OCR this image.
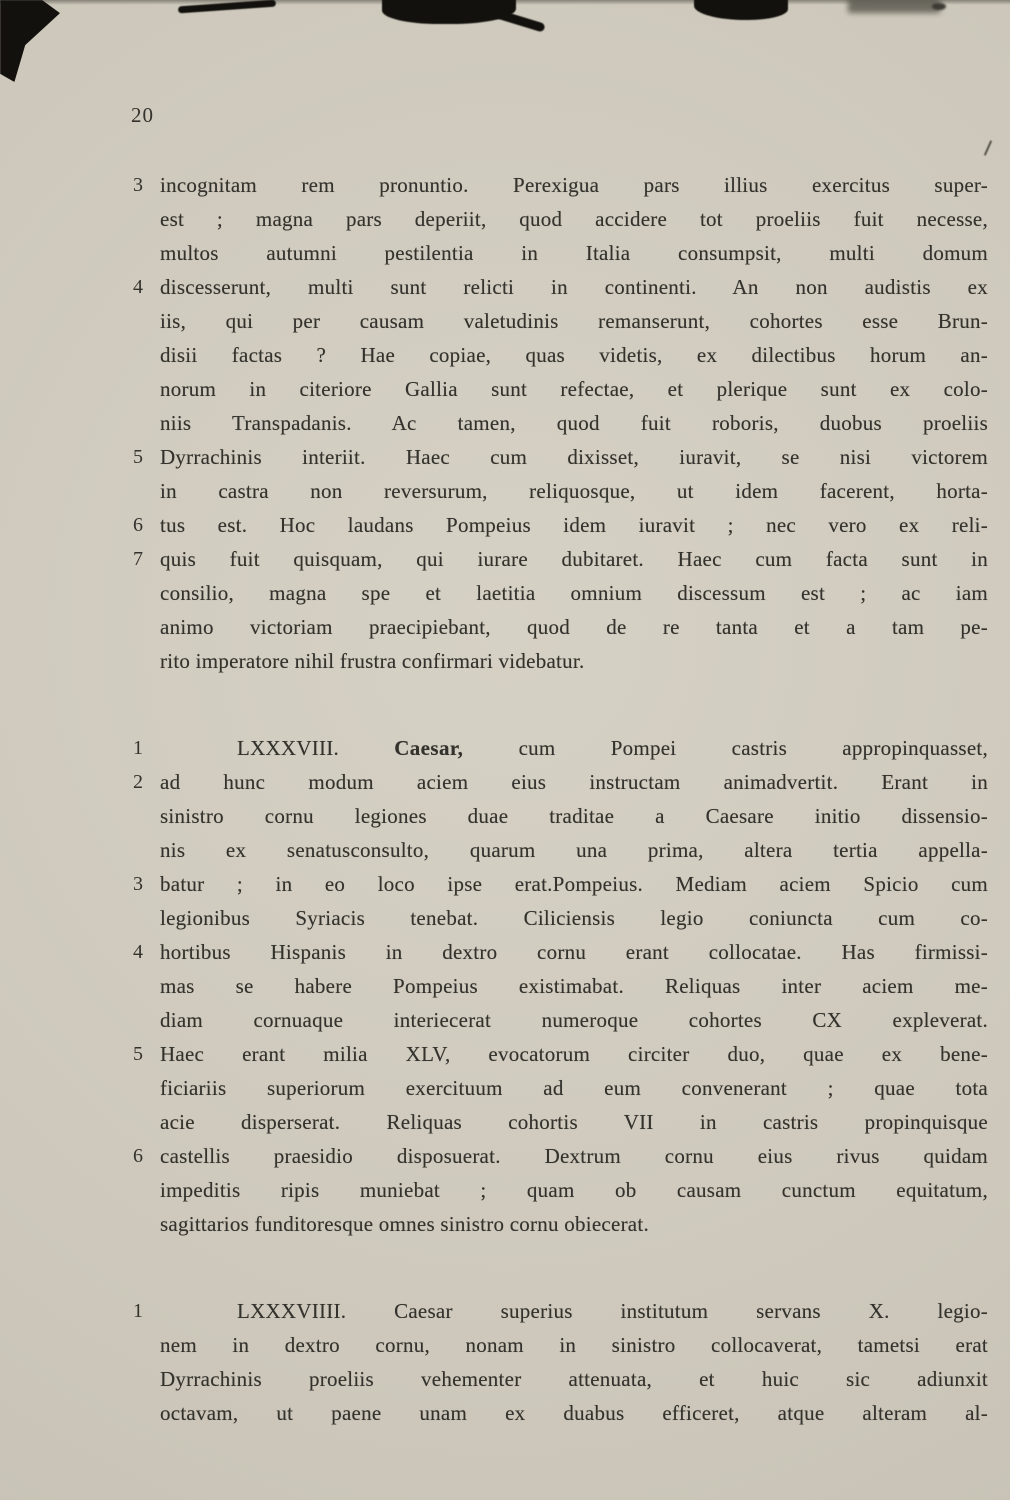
20
3 incognitam rem pronuntio. Perexigua pars illius exercitus super-
est ; magna pars deperiit, quod accidere tot proeliis fuit necesse,
multos autumni pestilentia in Italia consumpsit, multi domum
4 discesserunt, multi sunt relicti in continenti. An non audistis ex
iis, qui per causam valetudinis remanserunt, cohortes esse Brun-
disii factas ? Hae copiae, quas videtis, ex dilectibus horum an-
norum in citeriore Gallia sunt refectae, et plerique sunt ex colo-
niis Transpadanis. Ac tamen, quod fuit roboris, duobus proeliis
5 Dyrrachinis interiit. Haec cum dixisset, iuravit, se nisi victorem
in castra non reversurum, reliquosque, ut idem facerent, horta-
6 tus est. Hoc laudans Pompeius idem iuravit ; nec vero ex reli-
7 quis fuit quisquam, qui iurare dubitaret. Haec cum facta sunt in
consilio, magna spe et laetitia omnium discessum est ; ac iam
animo victoriam praecipiebant, quod de re tanta et a tam pe-
rito imperatore nihil frustra confirmari videbatur.
1	LXXXVIII. Caesar, cum Pompei castris appropinquasset,
2 ad hunc modum aciem eius instructam animadvertit. Erant in
sinistro cornu legiones duae traditae a Caesare initio dissensio-
nis ex senatusconsulto, quarum una prima, altera tertia appella-
3 batur ; in eo loco ipse erat.Pompeius. Mediam aciem Spicio cum
legionibus Syriacis tenebat. Ciliciensis legio coniuncta cum co-
4 hortibus Hispanis in dextro cornu erant collocatae. Has firmissi-
mas se habere Pompeius existimabat. Reliquas inter aciem me-
diam cornuaque interiecerat numeroque cohortes CX expleverat.
5 Haec erant milia XLV, evocatorum circiter duo, quae ex bene-
ficiariis superiorum exercituum ad eum convenerant ; quae tota
acie disperserat. Reliquas cohortis VII in castris propinquisque
6 castellis praesidio disposuerat. Dextrum cornu eius rivus quidam
impeditis ripis muniebat ; quam ob causam cunctum equitatum,
sagittarios funditoresque omnes sinistro cornu obiecerat.
1	LXXXVIIII. Caesar superius institutum servans X. legio-
nem in dextro cornu, nonam in sinistro collocaverat, tametsi erat
Dyrrachinis proeliis vehementer attenuata, et huic sic adiunxit
octavam, ut paene unam ex duabus efficeret, atque alteram al-
